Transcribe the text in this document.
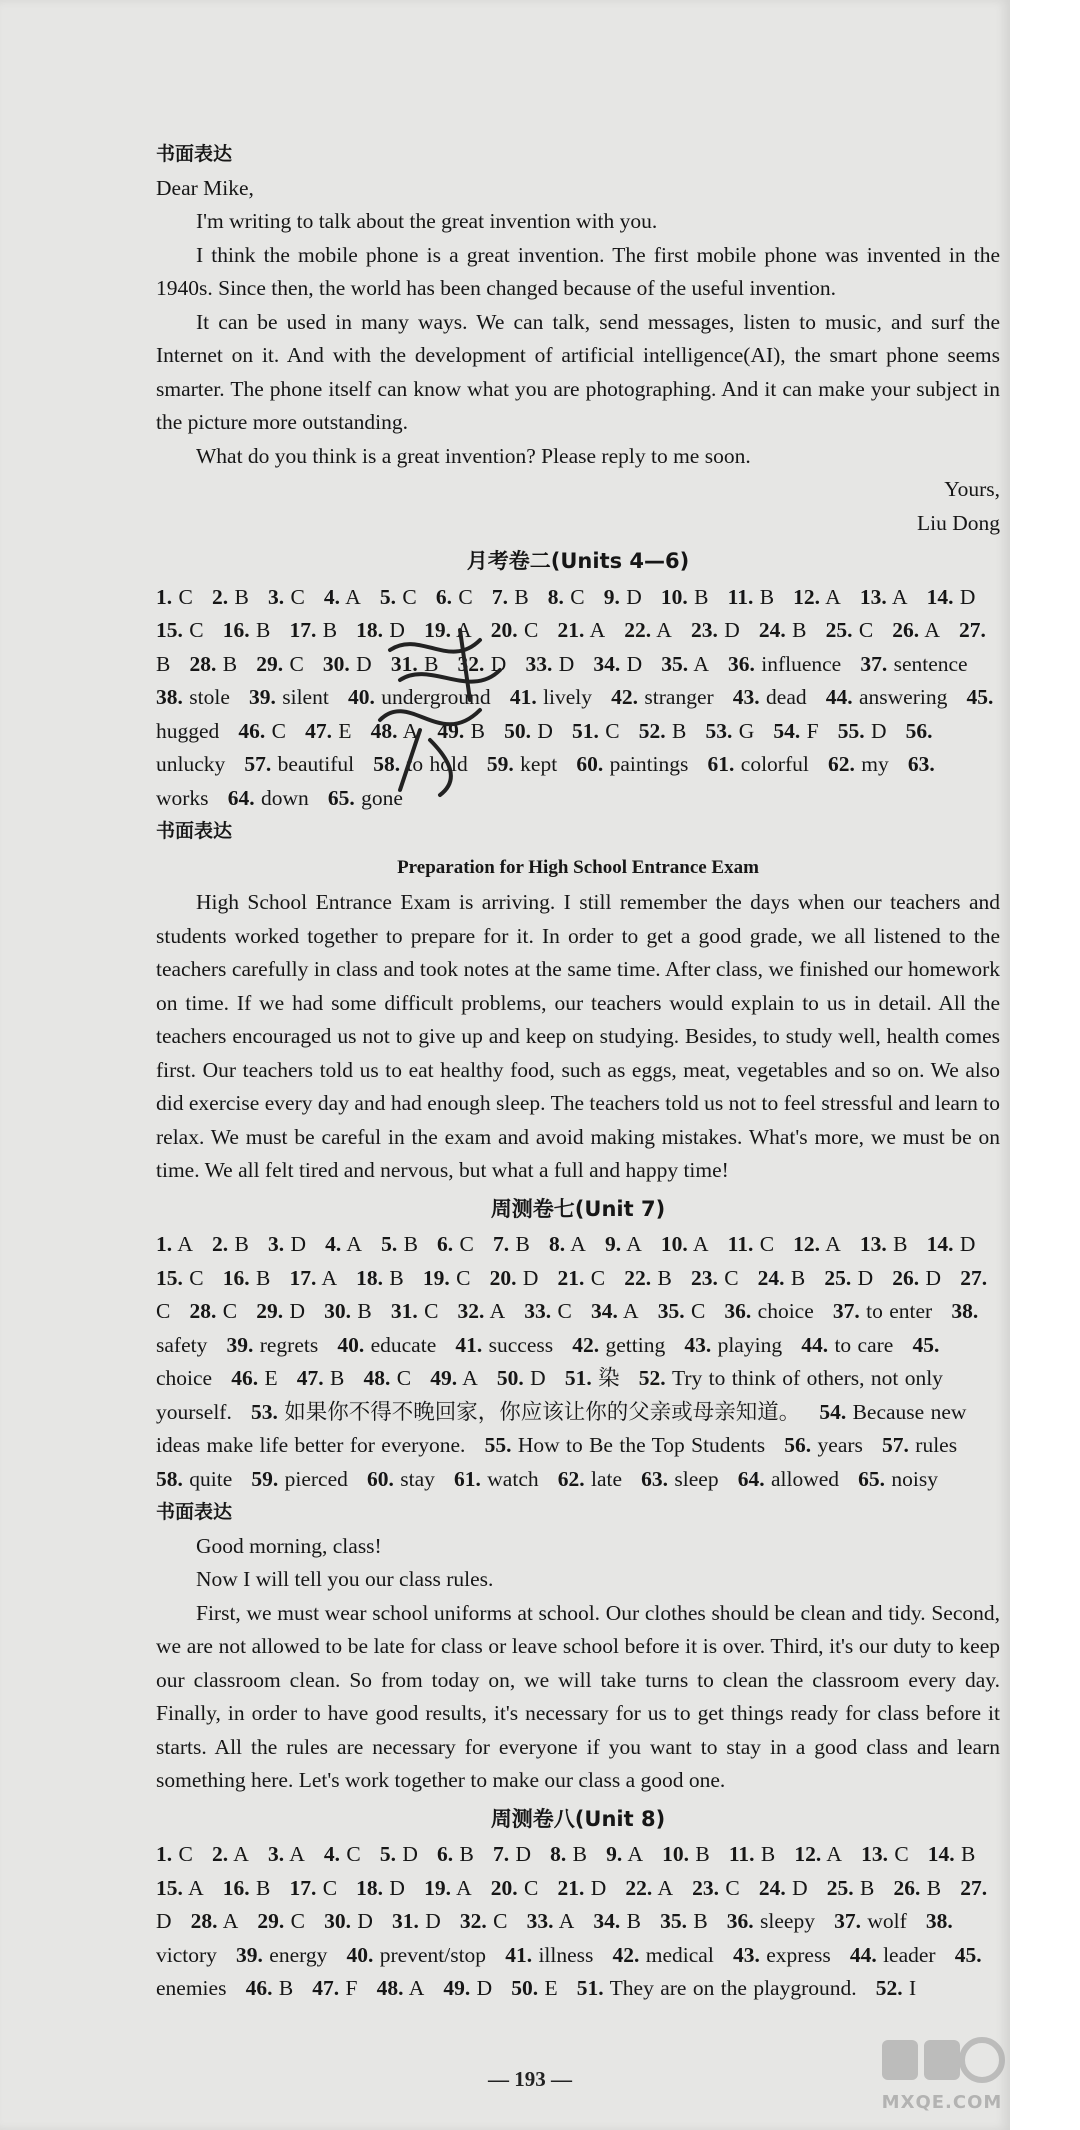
书面表达

Dear Mike,

I'm writing to talk about the great invention with you.

I think the mobile phone is a great invention. The first mobile phone was invented in the 1940s. Since then, the world has been changed because of the useful invention.

It can be used in many ways. We can talk, send messages, listen to music, and surf the Internet on it. And with the development of artificial intelligence(AI), the smart phone seems smarter. The phone itself can know what you are photographing. And it can make your subject in the picture more outstanding.

What do you think is a great invention? Please reply to me soon.

Yours,

Liu Dong

月考卷二(Units 4—6)

1. C 2. B 3. C 4. A 5. C 6. C 7. B 8. C 9. D 10. B 11. B 12. A 13. A 14. D   15. C 16. B 17. B 18. D 19. A 20. C 21. A 22. A 23. D 24. B 25. C 26. A 27. B 28. B 29. C 30. D 31. B 32. D 33. D 34. D 35. A 36. influence 37. sentence   38. stole 39. silent 40. underground 41. lively 42. stranger 43. dead 44. answering 45. hugged 46. C 47. E 48. A 49. B 50. D 51. C 52. B 53. G 54. F 55. D 56. unlucky 57. beautiful 58. to hold 59. kept 60. paintings 61. colorful 62. my 63. works 64. down 65. gone

书面表达
Preparation for High School Entrance Exam

High School Entrance Exam is arriving. I still remember the days when our teachers and students worked together to prepare for it. In order to get a good grade, we all listened to the teachers carefully in class and took notes at the same time. After class, we finished our homework on time. If we had some difficult problems, our teachers would explain to us in detail. All the teachers encouraged us not to give up and keep on studying. Besides, to study well, health comes first. Our teachers told us to eat healthy food, such as eggs, meat, vegetables and so on. We also did exercise every day and had enough sleep. The teachers told us not to feel stressful and learn to relax. We must be careful in the exam and avoid making mistakes. What's more, we must be on time. We all felt tired and nervous, but what a full and happy time!

周测卷七(Unit 7)

1. A 2. B 3. D 4. A 5. B 6. C 7. B 8. A 9. A 10. A 11. C 12. A 13. B 14. D   15. C 16. B 17. A 18. B 19. C 20. D 21. C 22. B 23. C 24. B 25. D 26. D 27. C 28. C 29. D 30. B 31. C 32. A 33. C 34. A 35. C 36. choice 37. to enter 38. safety 39. regrets 40. educate 41. success 42. getting 43. playing 44. to care 45. choice 46. E 47. B 48. C 49. A 50. D 51. 染 52. Try to think of others, not only yourself. 53. 如果你不得不晚回家，你应该让你的父亲或母亲知道。 54. Because new ideas make life better for everyone. 55. How to Be the Top Students 56. years 57. rules   58. quite 59. pierced 60. stay 61. watch 62. late 63. sleep 64. allowed 65. noisy

书面表达

Good morning, class!

Now I will tell you our class rules.

First, we must wear school uniforms at school. Our clothes should be clean and tidy. Second, we are not allowed to be late for class or leave school before it is over. Third, it's our duty to keep our classroom clean. So from today on, we will take turns to clean the classroom every day. Finally, in order to have good results, it's necessary for us to get things ready for class before it starts. All the rules are necessary for everyone if you want to stay in a good class and learn something here. Let's work together to make our class a good one.

周测卷八(Unit 8)

1. C 2. A 3. A 4. C 5. D 6. B 7. D 8. B 9. A 10. B 11. B 12. A 13. C 14. B   15. A 16. B 17. C 18. D 19. A 20. C 21. D 22. A 23. C 24. D 25. B 26. B 27. D 28. A 29. C 30. D 31. D 32. C 33. A 34. B 35. B 36. sleepy 37. wolf 38. victory 39. energy 40. prevent/stop 41. illness 42. medical 43. express 44. leader 45. enemies 46. B 47. F 48. A 49. D 50. E 51. They are on the playground. 52. I

— 193 —
MXQE.COM
